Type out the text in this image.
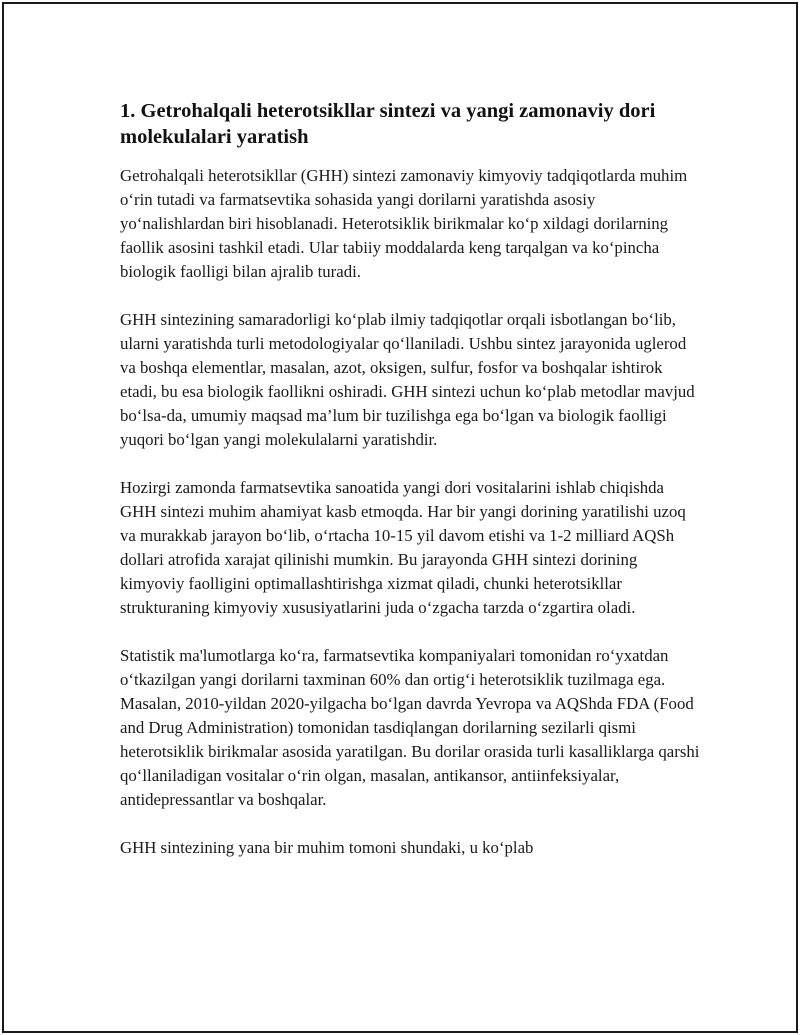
1. Getrohalqali heterotsikllar sintezi va yangi zamonaviy dori molekulalari yaratish

Getrohalqali heterotsikllar (GHH) sintezi zamonaviy kimyoviy tadqiqotlarda muhim o‘rin tutadi va farmatsevtika sohasida yangi dorilarni yaratishda asosiy yo‘nalishlardan biri hisoblanadi. Heterotsiklik birikmalar ko‘p xildagi dorilarning faollik asosini tashkil etadi. Ular tabiiy moddalarda keng tarqalgan va ko‘pincha biologik faolligi bilan ajralib turadi.

GHH sintezining samaradorligi ko‘plab ilmiy tadqiqotlar orqali isbotlangan bo‘lib, ularni yaratishda turli metodologiyalar qo‘llaniladi. Ushbu sintez jarayonida uglerod va boshqa elementlar, masalan, azot, oksigen, sulfur, fosfor va boshqalar ishtirok etadi, bu esa biologik faollikni oshiradi. GHH sintezi uchun ko‘plab metodlar mavjud bo‘lsa-da, umumiy maqsad ma’lum bir tuzilishga ega bo‘lgan va biologik faolligi yuqori bo‘lgan yangi molekulalarni yaratishdir.

Hozirgi zamonda farmatsevtika sanoatida yangi dori vositalarini ishlab chiqishda GHH sintezi muhim ahamiyat kasb etmoqda. Har bir yangi dorining yaratilishi uzoq va murakkab jarayon bo‘lib, o‘rtacha 10-15 yil davom etishi va 1-2 milliard AQSh dollari atrofida xarajat qilinishi mumkin. Bu jarayonda GHH sintezi dorining kimyoviy faolligini optimallashtirishga xizmat qiladi, chunki heterotsikllar strukturaning kimyoviy xususiyatlarini juda o‘zgacha tarzda o‘zgartira oladi.

Statistik ma'lumotlarga ko‘ra, farmatsevtika kompaniyalari tomonidan ro‘yxatdan o‘tkazilgan yangi dorilarni taxminan 60% dan ortig‘i heterotsiklik tuzilmaga ega. Masalan, 2010-yildan 2020-yilgacha bo‘lgan davrda Yevropa va AQShda FDA (Food and Drug Administration) tomonidan tasdiqlangan dorilarning sezilarli qismi heterotsiklik birikmalar asosida yaratilgan. Bu dorilar orasida turli kasalliklarga qarshi qo‘llaniladigan vositalar o‘rin olgan, masalan, antikansor, antiinfeksiyalar, antidepressantlar va boshqalar.

GHH sintezining yana bir muhim tomoni shundaki, u ko‘plab
